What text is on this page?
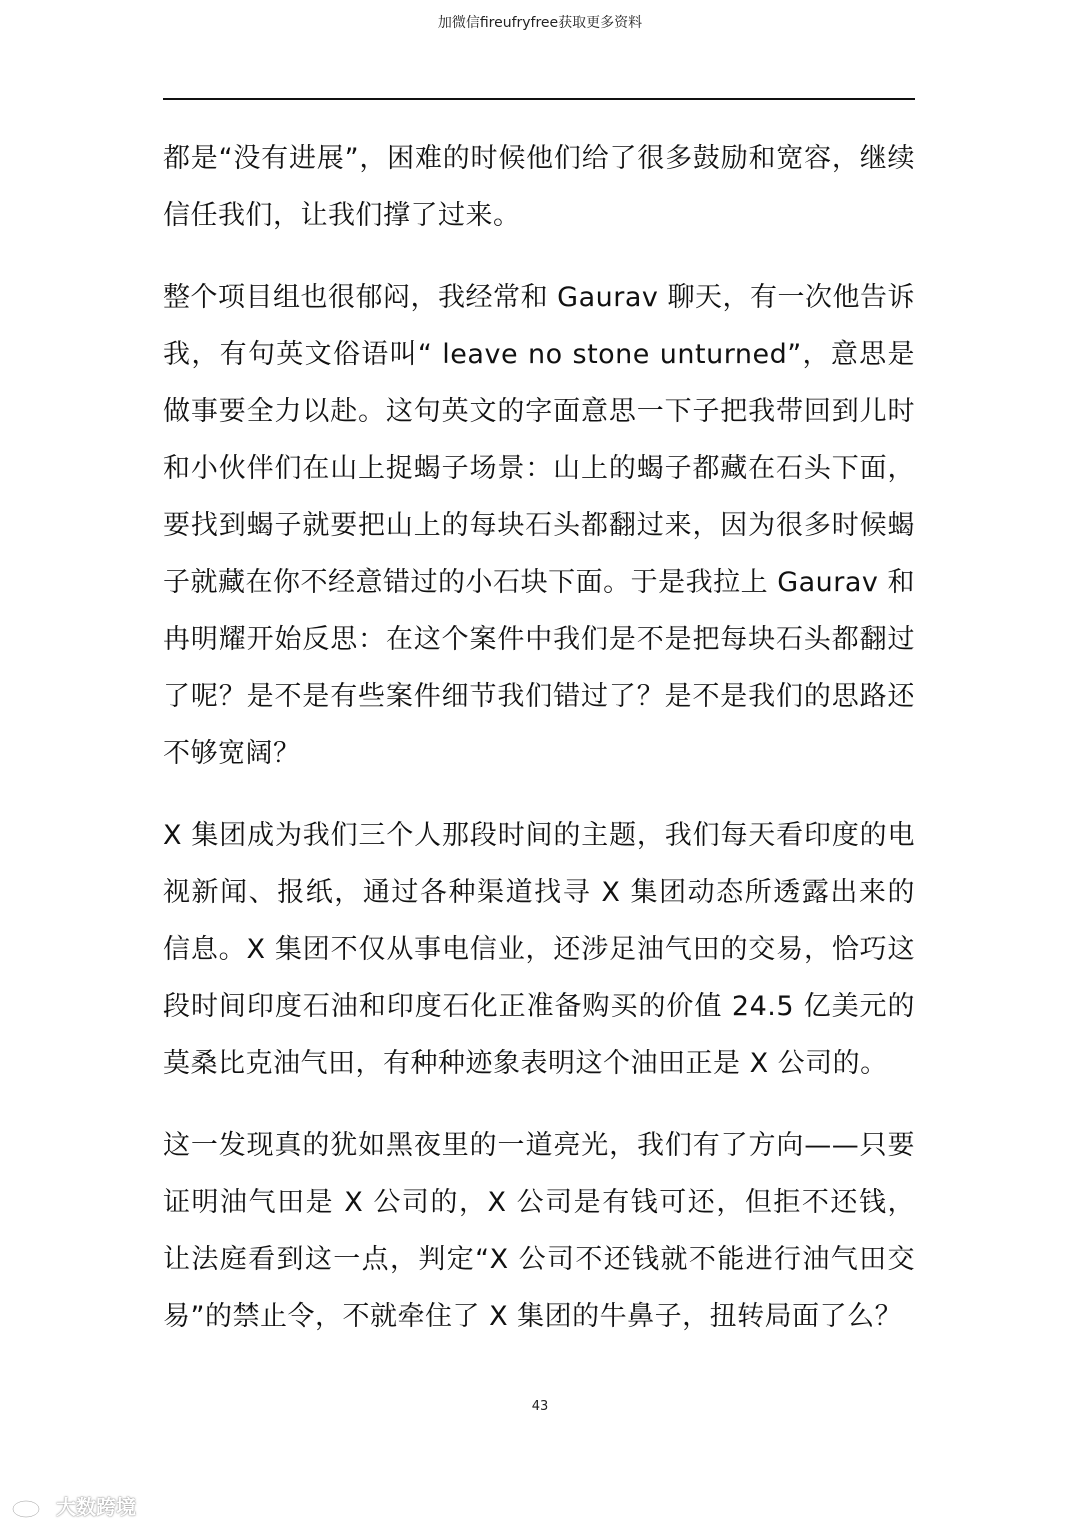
加微信fireufryfree获取更多资料

都是“没有进展”，困难的时候他们给了很多鼓励和宽容，继续信任我们，让我们撑了过来。

整个项目组也很郁闷，我经常和 Gaurav 聊天，有一次他告诉我，有句英文俗语叫“ leave no stone unturned”，意思是做事要全力以赴。这句英文的字面意思一下子把我带回到儿时和小伙伴们在山上捉蝎子场景：山上的蝎子都藏在石头下面，要找到蝎子就要把山上的每块石头都翻过来，因为很多时候蝎子就藏在你不经意错过的小石块下面。于是我拉上 Gaurav 和冉明耀开始反思：在这个案件中我们是不是把每块石头都翻过了呢？是不是有些案件细节我们错过了？是不是我们的思路还不够宽阔？

X 集团成为我们三个人那段时间的主题，我们每天看印度的电视新闻、报纸，通过各种渠道找寻 X 集团动态所透露出来的信息。X 集团不仅从事电信业，还涉足油气田的交易，恰巧这段时间印度石油和印度石化正准备购买的价值 24.5 亿美元的莫桑比克油气田，有种种迹象表明这个油田正是 X 公司的。

这一发现真的犹如黑夜里的一道亮光，我们有了方向——只要证明油气田是 X 公司的，X 公司是有钱可还，但拒不还钱，让法庭看到这一点，判定“X 公司不还钱就不能进行油气田交易”的禁止令，不就牵住了 X 集团的牛鼻子，扭转局面了么？

43
大数跨境
